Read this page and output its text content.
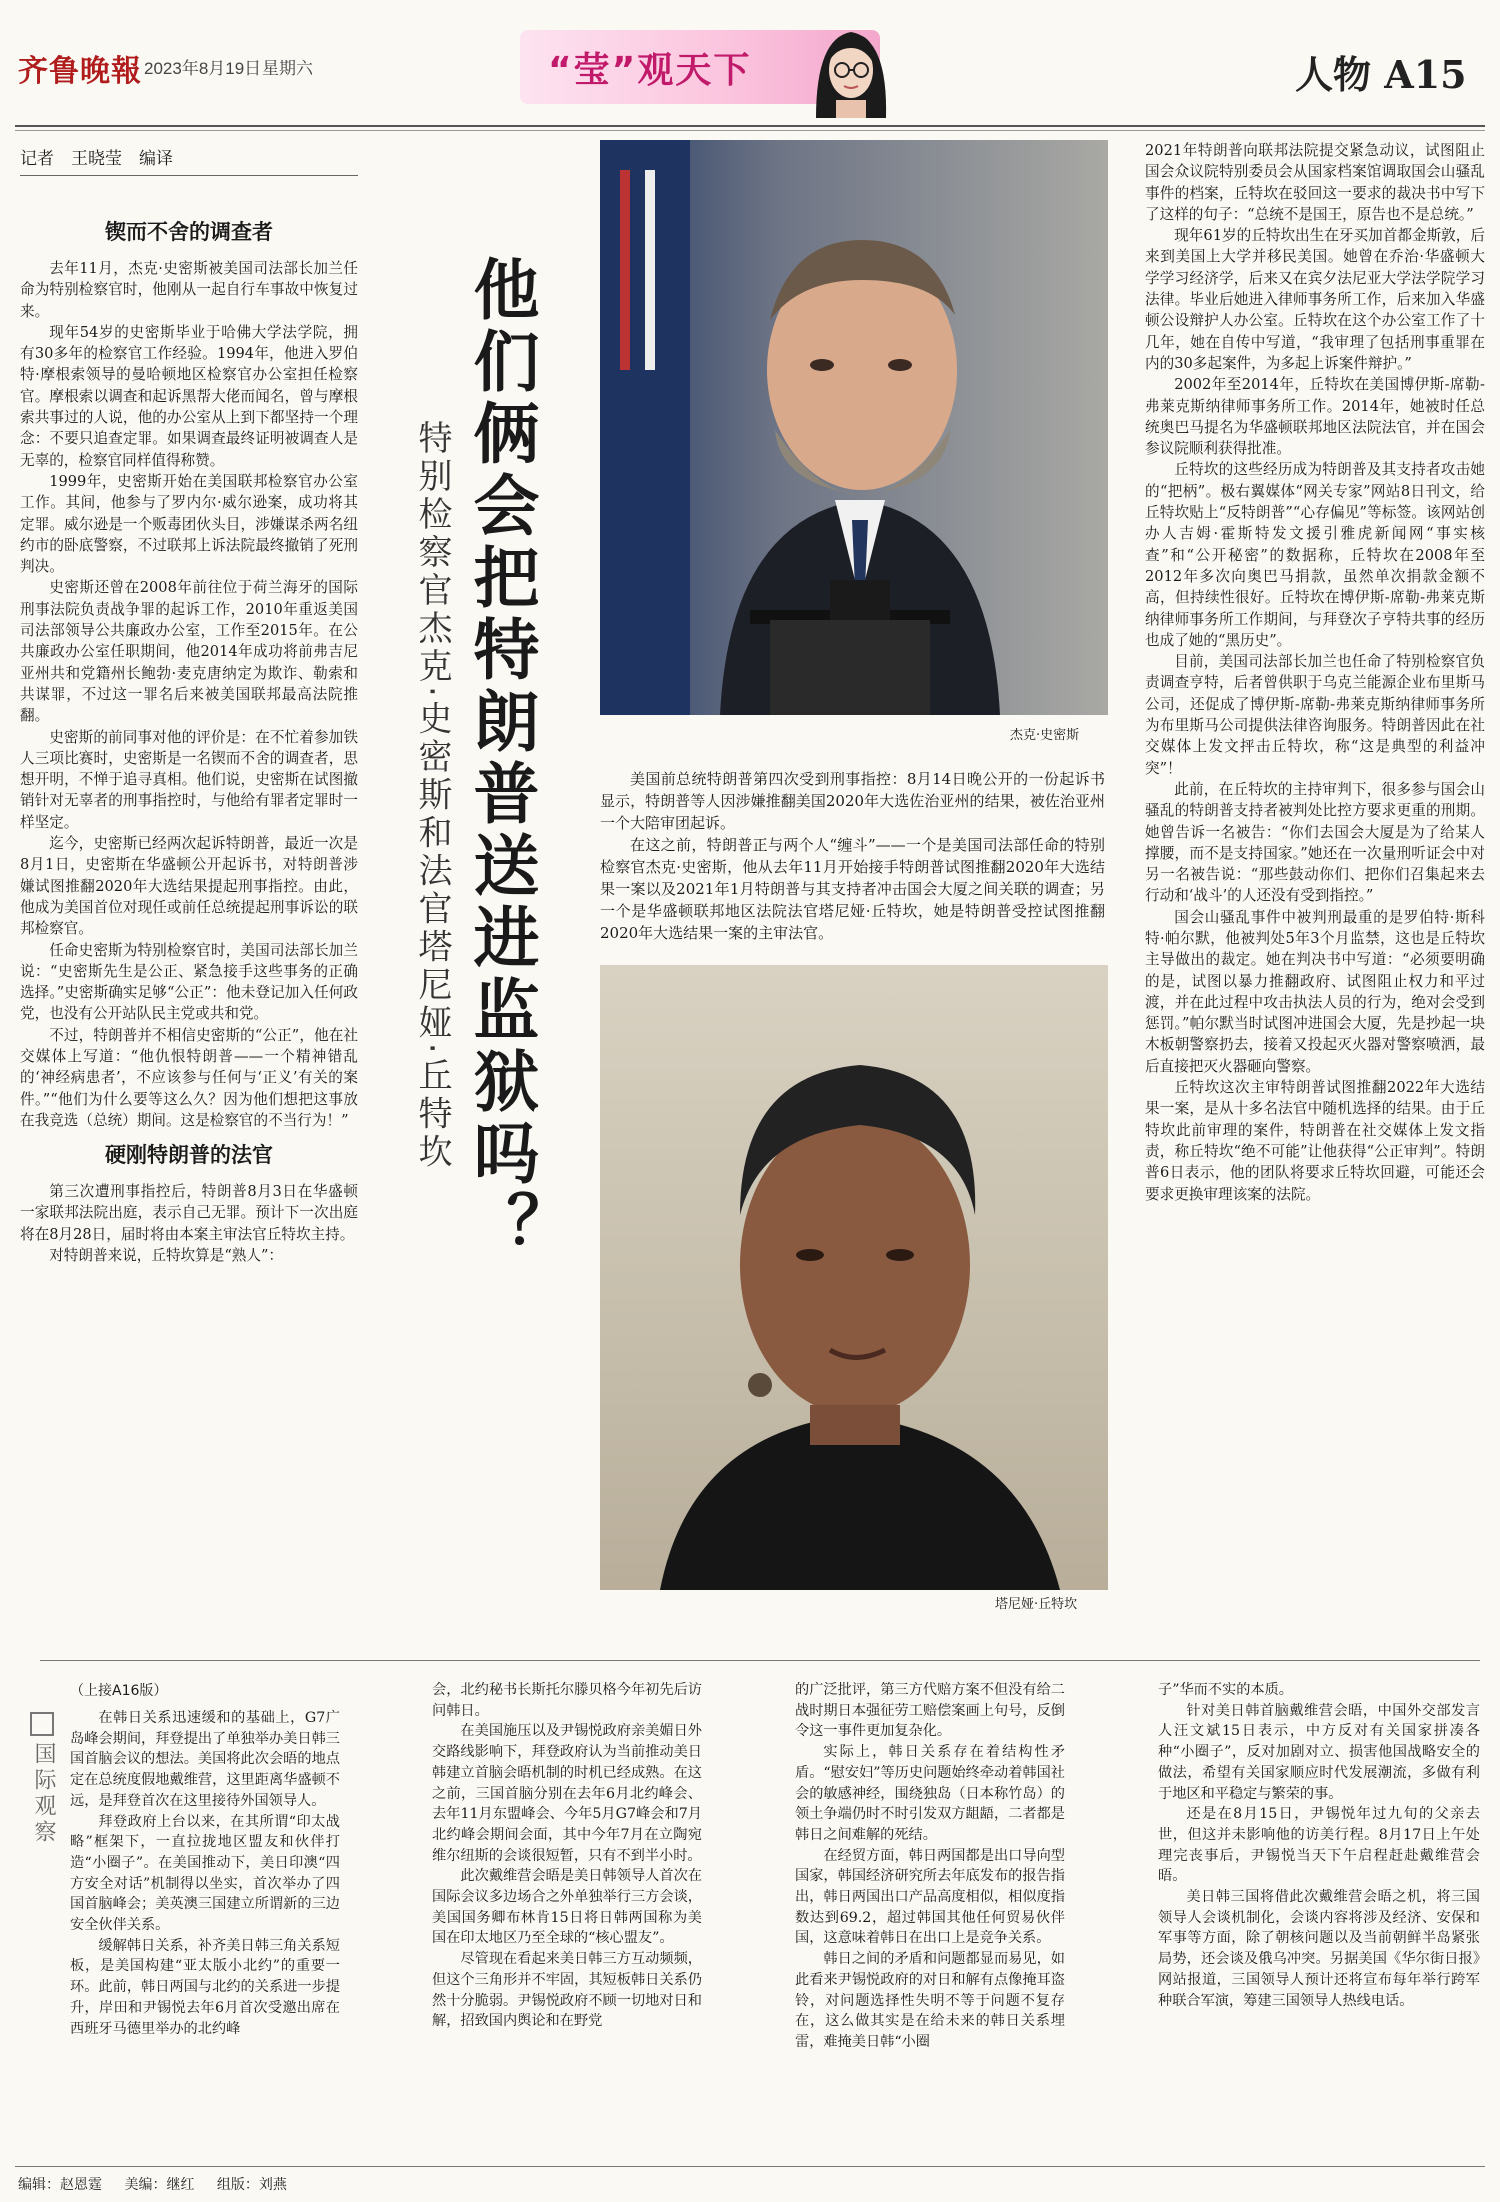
齐鲁晚報 2023年8月19日 星期六	“莹”观天下	人物 A15
记者　王晓莹　编译
锲而不舍的调查者

去年11月，杰克·史密斯被美国司法部长加兰任命为特别检察官时，他刚从一起自行车事故中恢复过来。

现年54岁的史密斯毕业于哈佛大学法学院，拥有30多年的检察官工作经验。1994年，他进入罗伯特·摩根索领导的曼哈顿地区检察官办公室担任检察官。摩根索以调查和起诉黑帮大佬而闻名，曾与摩根索共事过的人说，他的办公室从上到下都坚持一个理念：不要只追查定罪。如果调查最终证明被调查人是无辜的，检察官同样值得称赞。

1999年，史密斯开始在美国联邦检察官办公室工作。其间，他参与了罗内尔·威尔逊案，成功将其定罪。威尔逊是一个贩毒团伙头目，涉嫌谋杀两名纽约市的卧底警察，不过联邦上诉法院最终撤销了死刑判决。

史密斯还曾在2008年前往位于荷兰海牙的国际刑事法院负责战争罪的起诉工作，2010年重返美国司法部领导公共廉政办公室，工作至2015年。在公共廉政办公室任职期间，他2014年成功将前弗吉尼亚州共和党籍州长鲍勃·麦克唐纳定为欺诈、勒索和共谋罪，不过这一罪名后来被美国联邦最高法院推翻。

史密斯的前同事对他的评价是：在不忙着参加铁人三项比赛时，史密斯是一名锲而不舍的调查者，思想开明，不惮于追寻真相。他们说，史密斯在试图撤销针对无辜者的刑事指控时，与他给有罪者定罪时一样坚定。

迄今，史密斯已经两次起诉特朗普，最近一次是8月1日，史密斯在华盛顿公开起诉书，对特朗普涉嫌试图推翻2020年大选结果提起刑事指控。由此，他成为美国首位对现任或前任总统提起刑事诉讼的联邦检察官。

任命史密斯为特别检察官时，美国司法部长加兰说：“史密斯先生是公正、紧急接手这些事务的正确选择。”史密斯确实足够“公正”：他未登记加入任何政党，也没有公开站队民主党或共和党。

不过，特朗普并不相信史密斯的“公正”，他在社交媒体上写道：“他仇恨特朗普——一个精神错乱的‘神经病患者’，不应该参与任何与‘正义’有关的案件。”“他们为什么要等这么久？因为他们想把这事放在我竞选（总统）期间。这是检察官的不当行为！”

硬刚特朗普的法官

第三次遭刑事指控后，特朗普8月3日在华盛顿一家联邦法院出庭，表示自己无罪。预计下一次出庭将在8月28日，届时将由本案主审法官丘特坎主持。

对特朗普来说，丘特坎算是“熟人”：	他们俩会把特朗普送进监狱吗？
特别检察官杰克·史密斯和法官塔尼娅·丘特坎	杰克·史密斯

美国前总统特朗普第四次受到刑事指控：8月14日晚公开的一份起诉书显示，特朗普等人因涉嫌推翻美国2020年大选佐治亚州的结果，被佐治亚州一个大陪审团起诉。

在这之前，特朗普正与两个人“缠斗”——一个是美国司法部任命的特别检察官杰克·史密斯，他从去年11月开始接手特朗普试图推翻2020年大选结果一案以及2021年1月特朗普与其支持者冲击国会大厦之间关联的调查；另一个是华盛顿联邦地区法院法官塔尼娅·丘特坎，她是特朗普受控试图推翻2020年大选结果一案的主审法官。

塔尼娅·丘特坎

2021年特朗普向联邦法院提交紧急动议，试图阻止国会众议院特别委员会从国家档案馆调取国会山骚乱事件的档案，丘特坎在驳回这一要求的裁决书中写下了这样的句子：“总统不是国王，原告也不是总统。”

现年61岁的丘特坎出生在牙买加首都金斯敦，后来到美国上大学并移民美国。她曾在乔治·华盛顿大学学习经济学，后来又在宾夕法尼亚大学法学院学习法律。毕业后她进入律师事务所工作，后来加入华盛顿公设辩护人办公室。丘特坎在这个办公室工作了十几年，她在自传中写道，“我审理了包括刑事重罪在内的30多起案件，为多起上诉案件辩护。”

2002年至2014年，丘特坎在美国博伊斯-席勒-弗莱克斯纳律师事务所工作。2014年，她被时任总统奥巴马提名为华盛顿联邦地区法院法官，并在国会参议院顺利获得批准。

丘特坎的这些经历成为特朗普及其支持者攻击她的“把柄”。极右翼媒体“网关专家”网站8日刊文，给丘特坎贴上“反特朗普”“心存偏见”等标签。该网站创办人吉姆·霍斯特发文援引雅虎新闻网“事实核查”和“公开秘密”的数据称，丘特坎在2008年至2012年多次向奥巴马捐款，虽然单次捐款金额不高，但持续性很好。丘特坎在博伊斯-席勒-弗莱克斯纳律师事务所工作期间，与拜登次子亨特共事的经历也成了她的“黑历史”。

目前，美国司法部长加兰也任命了特别检察官负责调查亨特，后者曾供职于乌克兰能源企业布里斯马公司，还促成了博伊斯-席勒-弗莱克斯纳律师事务所为布里斯马公司提供法律咨询服务。特朗普因此在社交媒体上发文抨击丘特坎，称“这是典型的利益冲突”！

此前，在丘特坎的主持审判下，很多参与国会山骚乱的特朗普支持者被判处比控方要求更重的刑期。她曾告诉一名被告：“你们去国会大厦是为了给某人撑腰，而不是支持国家。”她还在一次量刑听证会中对另一名被告说：“那些鼓动你们、把你们召集起来去行动和‘战斗’的人还没有受到指控。”

国会山骚乱事件中被判刑最重的是罗伯特·斯科特·帕尔默，他被判处5年3个月监禁，这也是丘特坎主导做出的裁定。她在判决书中写道：“必须要明确的是，试图以暴力推翻政府、试图阻止权力和平过渡，并在此过程中攻击执法人员的行为，绝对会受到惩罚。”帕尔默当时试图冲进国会大厦，先是抄起一块木板朝警察扔去，接着又投起灭火器对警察喷洒，最后直接把灭火器砸向警察。

丘特坎这次主审特朗普试图推翻2022年大选结果一案，是从十多名法官中随机选择的结果。由于丘特坎此前审理的案件，特朗普在社交媒体上发文指责，称丘特坎“绝不可能”让他获得“公正审判”。特朗普6日表示，他的团队将要求丘特坎回避，可能还会要求更换审理该案的法院。

国际观察
（上接A16版）

在韩日关系迅速缓和的基础上，G7广岛峰会期间，拜登提出了单独举办美日韩三国首脑会议的想法。美国将此次会晤的地点定在总统度假地戴维营，这里距离华盛顿不远，是拜登首次在这里接待外国领导人。

拜登政府上台以来，在其所谓“印太战略”框架下，一直拉拢地区盟友和伙伴打造“小圈子”。在美国推动下，美日印澳“四方安全对话”机制得以坐实，首次举办了四国首脑峰会；美英澳三国建立所谓新的三边安全伙伴关系。

缓解韩日关系，补齐美日韩三角关系短板，是美国构建“亚太版小北约”的重要一环。此前，韩日两国与北约的关系进一步提升，岸田和尹锡悦去年6月首次受邀出席在西班牙马德里举办的北约峰

会，北约秘书长斯托尔滕贝格今年初先后访问韩日。

在美国施压以及尹锡悦政府亲美媚日外交路线影响下，拜登政府认为当前推动美日韩建立首脑会晤机制的时机已经成熟。在这之前，三国首脑分别在去年6月北约峰会、去年11月东盟峰会、今年5月G7峰会和7月北约峰会期间会面，其中今年7月在立陶宛维尔纽斯的会谈很短暂，只有不到半小时。

此次戴维营会晤是美日韩领导人首次在国际会议多边场合之外单独举行三方会谈，美国国务卿布林肯15日将日韩两国称为美国在印太地区乃至全球的“核心盟友”。

尽管现在看起来美日韩三方互动频频，但这个三角形并不牢固，其短板韩日关系仍然十分脆弱。尹锡悦政府不顾一切地对日和解，招致国内舆论和在野党

的广泛批评，第三方代赔方案不但没有给二战时期日本强征劳工赔偿案画上句号，反倒令这一事件更加复杂化。

实际上，韩日关系存在着结构性矛盾。“慰安妇”等历史问题始终牵动着韩国社会的敏感神经，围绕独岛（日本称竹岛）的领土争端仍时不时引发双方龃龉，二者都是韩日之间难解的死结。

在经贸方面，韩日两国都是出口导向型国家，韩国经济研究所去年底发布的报告指出，韩日两国出口产品高度相似，相似度指数达到69.2，超过韩国其他任何贸易伙伴国，这意味着韩日在出口上是竞争关系。

韩日之间的矛盾和问题都显而易见，如此看来尹锡悦政府的对日和解有点像掩耳盗铃，对问题选择性失明不等于问题不复存在，这么做其实是在给未来的韩日关系埋雷，难掩美日韩“小圈

子”华而不实的本质。

针对美日韩首脑戴维营会晤，中国外交部发言人汪文斌15日表示，中方反对有关国家拼凑各种“小圈子”，反对加剧对立、损害他国战略安全的做法，希望有关国家顺应时代发展潮流，多做有利于地区和平稳定与繁荣的事。

还是在8月15日，尹锡悦年过九旬的父亲去世，但这并未影响他的访美行程。8月17日上午处理完丧事后，尹锡悦当天下午启程赶赴戴维营会晤。

美日韩三国将借此次戴维营会晤之机，将三国领导人会谈机制化，会谈内容将涉及经济、安保和军事等方面，除了朝核问题以及当前朝鲜半岛紧张局势，还会谈及俄乌冲突。另据美国《华尔街日报》网站报道，三国领导人预计还将宣布每年举行跨军种联合军演，筹建三国领导人热线电话。

编辑：赵恩霆 美编：继红 组版：刘燕
